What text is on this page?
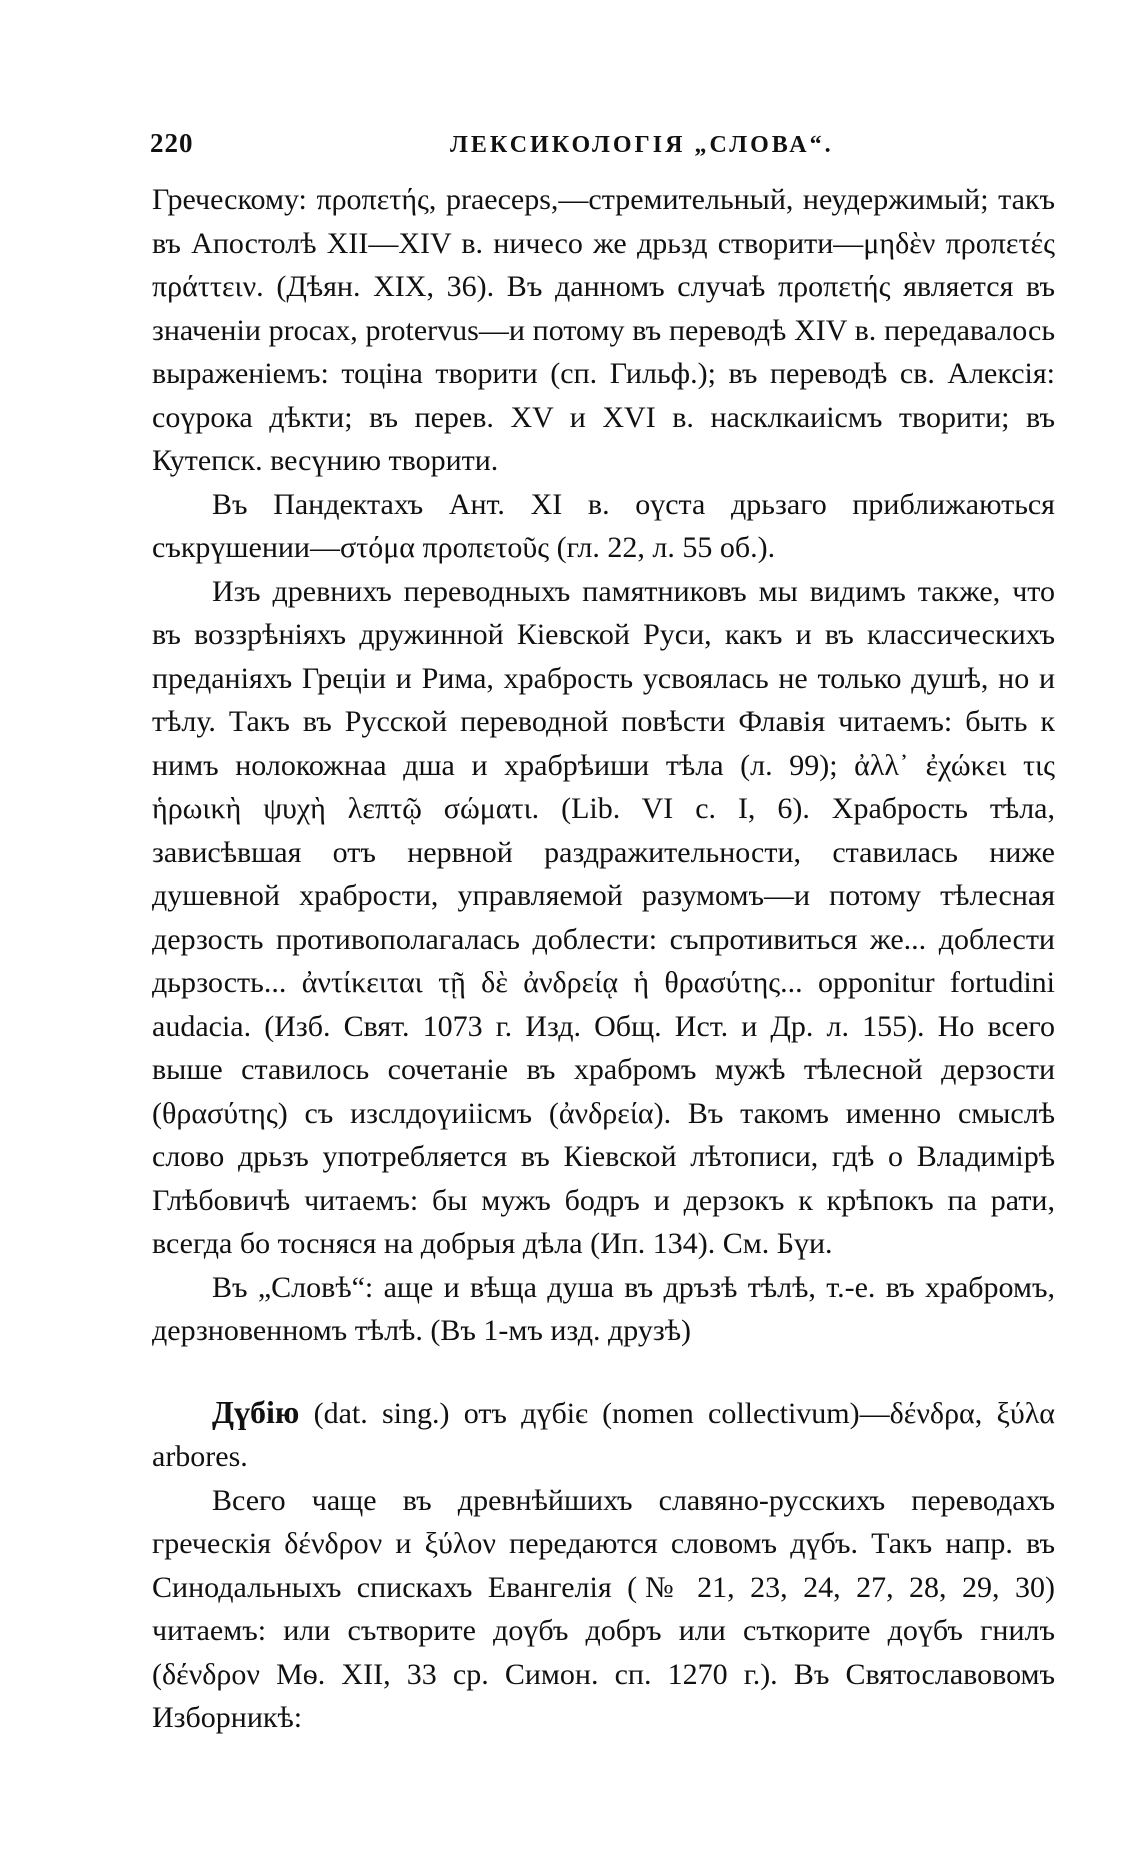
220	ЛЕКСИКОЛОГІЯ „СЛОВА“.

Греческому: προπετής, praeceps,—стремительный, неудержимый; такъ въ Апостолѣ XII—XIV в. ничесо же дрьзд створити—μηδὲν προπετές πράττειν. (Дѣян. XIX, 36). Въ данномъ случаѣ προπετής является въ значеніи procax, protervus—и потому въ переводѣ XIV в. передавалось выраженіемъ: тоціна творити (сп. Гильф.); въ переводѣ св. Алексія: соүрока дѣкти; въ перев. XV и XVI в. насклкаиісмъ творити; въ Кутепск. весүнию творити.

Въ Пандектахъ Ант. XI в. оүста дрьзаго приближаються съкрүшении—στόμα προπετοῦς (гл. 22, л. 55 об.).

Изъ древнихъ переводныхъ памятниковъ мы видимъ также, что въ воззрѣніяхъ дружинной Кіевской Руси, какъ и въ классическихъ преданіяхъ Греціи и Рима, храбрость усвоялась не только душѣ, но и тѣлу. Такъ въ Русской переводной повѣсти Флавія читаемъ: быть к нимъ нолокожнаа дша и храбрѣиши тѣла (л. 99); ἀλλ᾽ ἐχώκει τις ἡρωικὴ ψυχὴ λεπτῷ σώματι. (Lib. VI c. I, 6). Храбрость тѣла, зависѣвшая отъ нервной раздражительности, ставилась ниже душевной храбрости, управляемой разумомъ—и потому тѣлесная дерзость противополагалась доблести: съпротивиться же... доблести дьрзость... ἀντίκειται τῇ δὲ ἀνδρείᾳ ἡ θρασύτης... opponitur fortudini audacia. (Изб. Свят. 1073 г. Изд. Общ. Ист. и Др. л. 155). Но всего выше ставилось сочетаніе въ храбромъ мужѣ тѣлесной дерзости (θρασύτης) съ изслдоүиіісмъ (ἀνδρεία). Въ такомъ именно смыслѣ слово дрьзъ употребляется въ Кіевской лѣтописи, гдѣ о Владимірѣ Глѣбовичѣ читаемъ: бы мужъ бодръ и дерзокъ к крѣпокъ па рати, всегда бо тосняся на добрыя дѣла (Ип. 134). См. Бүи.

Въ „Словѣ“: аще и вѣща душа въ дръзѣ тѣлѣ, т.-е. въ храбромъ, дерзновенномъ тѣлѣ. (Въ 1-мъ изд. друзѣ)

Дүбію (dat. sing.) отъ дүбіє (nomen collectivum)—δένδρα, ξύλα arbores.

Всего чаще въ древнѣйшихъ славяно-русскихъ переводахъ греческія δένδρον и ξύλον передаются словомъ дүбъ. Такъ напр. въ Синодальныхъ спискахъ Евангелія (№ 21, 23, 24, 27, 28, 29, 30) читаемъ: или сътворите доүбъ добръ или съткорите доүбъ гнилъ (δένδρον Мѳ. XII, 33 ср. Симон. сп. 1270 г.). Въ Святославовомъ Изборникѣ:
